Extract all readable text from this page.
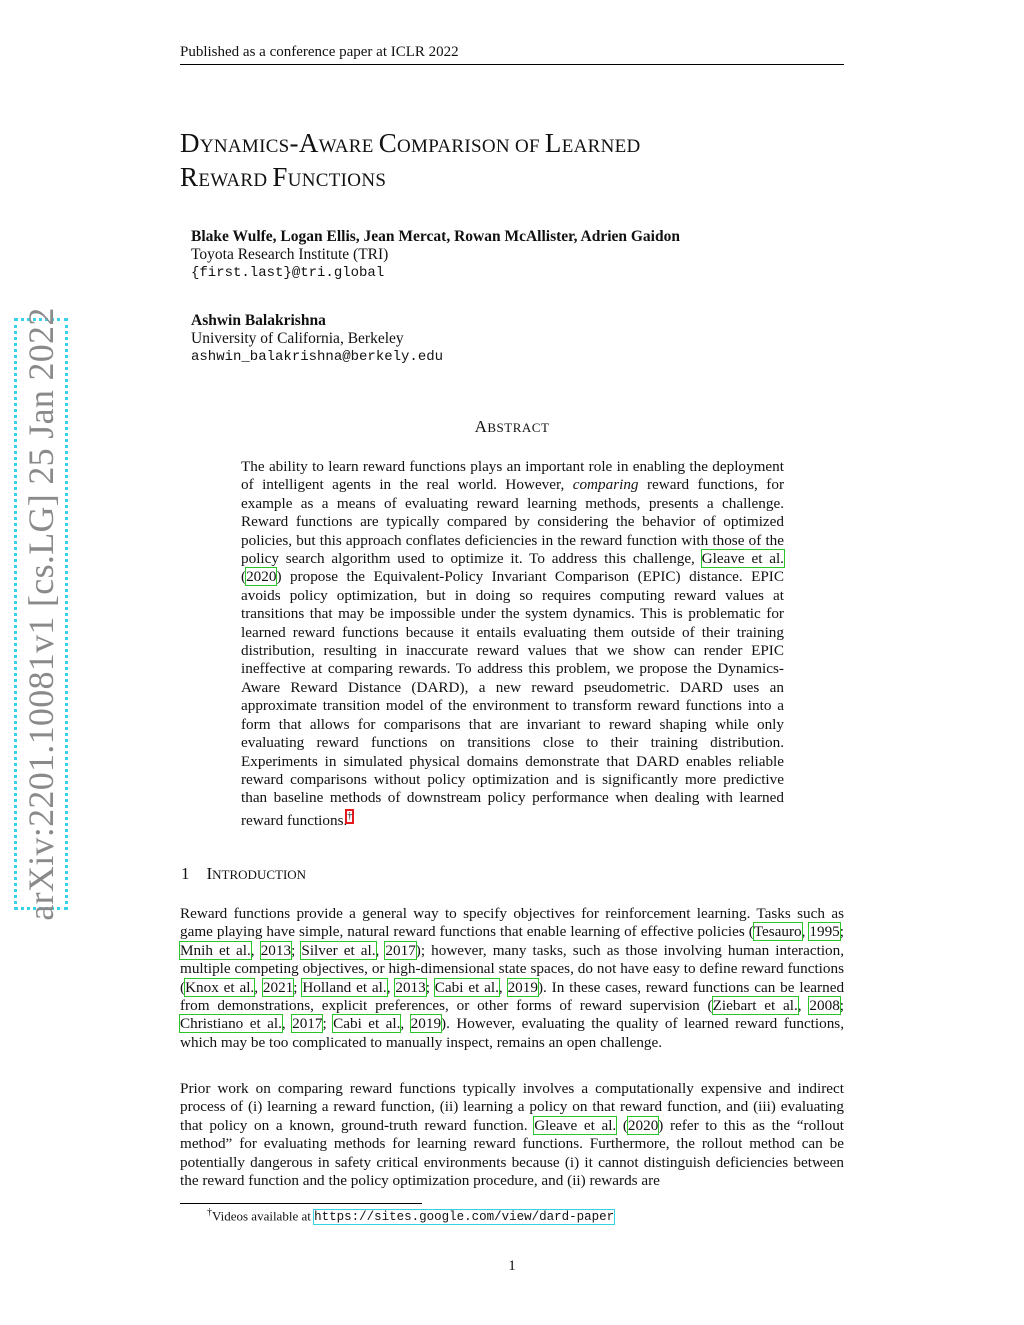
Published as a conference paper at ICLR 2022
DYNAMICS-AWARE COMPARISON OF LEARNED
REWARD FUNCTIONS
Blake Wulfe, Logan Ellis, Jean Mercat, Rowan McAllister, Adrien Gaidon
Toyota Research Institute (TRI)
{first.last}@tri.global
Ashwin Balakrishna
University of California, Berkeley
ashwin_balakrishna@berkely.edu
ABSTRACT
The ability to learn reward functions plays an important role in enabling the deployment of intelligent agents in the real world. However, comparing reward functions, for example as a means of evaluating reward learning methods, presents a challenge. Reward functions are typically compared by considering the behavior of optimized policies, but this approach conflates deficiencies in the reward function with those of the policy search algorithm used to optimize it. To address this challenge, Gleave et al. (2020) propose the Equivalent-Policy Invariant Comparison (EPIC) distance. EPIC avoids policy optimization, but in doing so requires computing reward values at transitions that may be impossible under the system dynamics. This is problematic for learned reward functions because it entails evaluating them outside of their training distribution, resulting in inaccurate reward values that we show can render EPIC ineffective at comparing rewards. To address this problem, we propose the Dynamics-Aware Reward Distance (DARD), a new reward pseudometric. DARD uses an approximate transition model of the environment to transform reward functions into a form that allows for comparisons that are invariant to reward shaping while only evaluating reward functions on transitions close to their training distribution. Experiments in simulated physical domains demonstrate that DARD enables reliable reward comparisons without policy optimization and is significantly more predictive than baseline methods of downstream policy performance when dealing with learned reward functions.†
1 INTRODUCTION
Reward functions provide a general way to specify objectives for reinforcement learning. Tasks such as game playing have simple, natural reward functions that enable learning of effective policies (Tesauro, 1995; Mnih et al., 2013; Silver et al., 2017); however, many tasks, such as those involving human interaction, multiple competing objectives, or high-dimensional state spaces, do not have easy to define reward functions (Knox et al., 2021; Holland et al., 2013; Cabi et al., 2019). In these cases, reward functions can be learned from demonstrations, explicit preferences, or other forms of reward supervision (Ziebart et al., 2008; Christiano et al., 2017; Cabi et al., 2019). However, evaluating the quality of learned reward functions, which may be too complicated to manually inspect, remains an open challenge.
Prior work on comparing reward functions typically involves a computationally expensive and indirect process of (i) learning a reward function, (ii) learning a policy on that reward function, and (iii) evaluating that policy on a known, ground-truth reward function. Gleave et al. (2020) refer to this as the “rollout method” for evaluating methods for learning reward functions. Furthermore, the rollout method can be potentially dangerous in safety critical environments because (i) it cannot distinguish deficiencies between the reward function and the policy optimization procedure, and (ii) rewards are
†Videos available at https://sites.google.com/view/dard-paper
1
arXiv:2201.10081v1 [cs.LG] 25 Jan 2022
